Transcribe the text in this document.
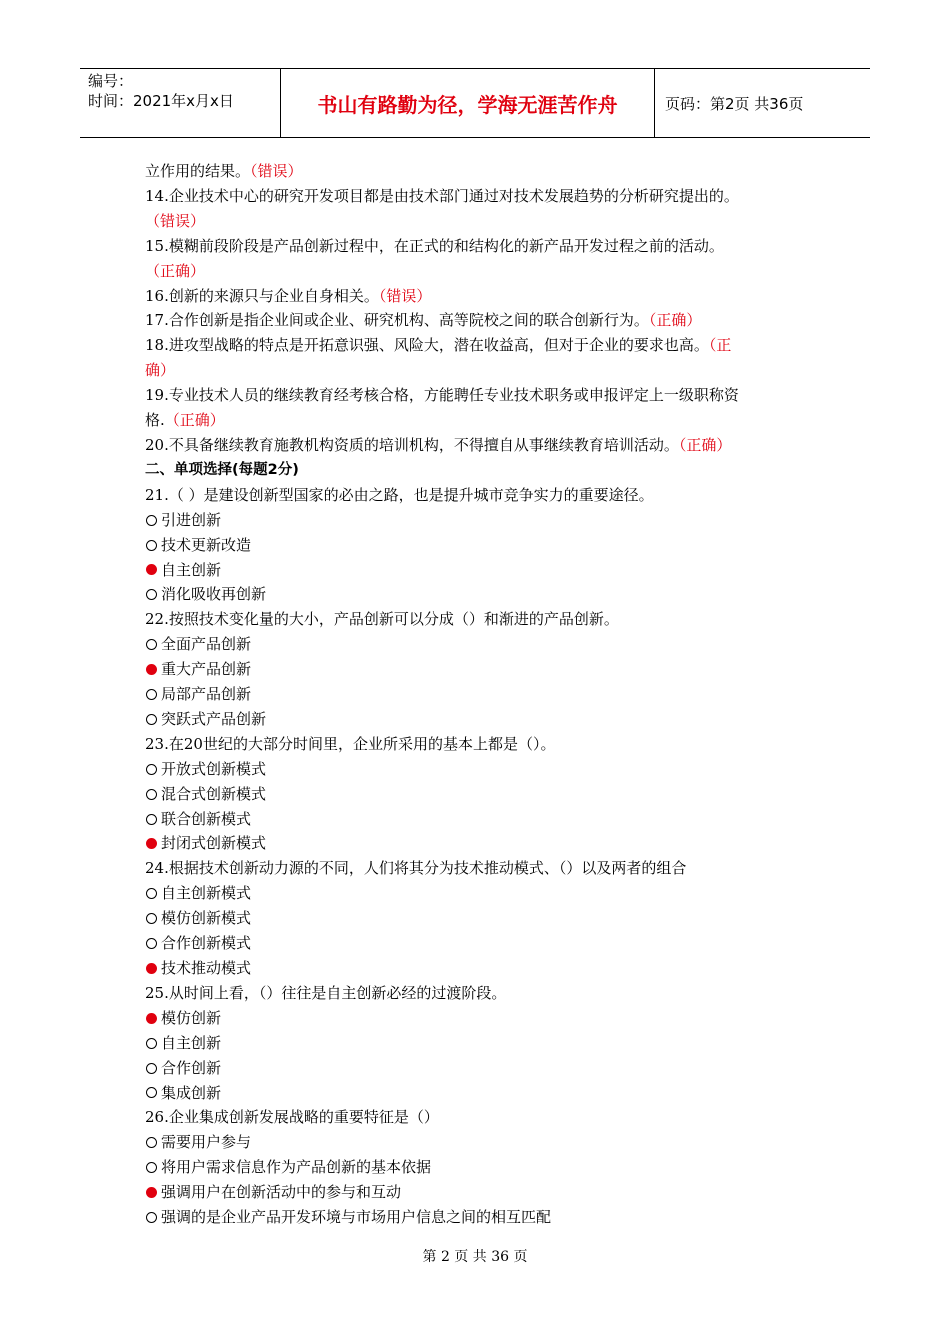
编号：
时间：2021年x月x日	书山有路勤为径，学海无涯苦作舟	页码：第2页 共36页
立作用的结果。（错误）
14.企业技术中心的研究开发项目都是由技术部门通过对技术发展趋势的分析研究提出的。
（错误）
15.模糊前段阶段是产品创新过程中，在正式的和结构化的新产品开发过程之前的活动。
（正确）
16.创新的来源只与企业自身相关。（错误）
17.合作创新是指企业间或企业、研究机构、高等院校之间的联合创新行为。（正确）
18.进攻型战略的特点是开拓意识强、风险大，潜在收益高，但对于企业的要求也高。（正
确）
19.专业技术人员的继续教育经考核合格，方能聘任专业技术职务或申报评定上一级职称资
格.（正确）
20.不具备继续教育施教机构资质的培训机构，不得擅自从事继续教育培训活动。（正确）
二、单项选择(每题2分)
21.（ ）是建设创新型国家的必由之路，也是提升城市竞争实力的重要途径。
引进创新
技术更新改造
自主创新
消化吸收再创新
22.按照技术变化量的大小，产品创新可以分成（）和渐进的产品创新。
全面产品创新
重大产品创新
局部产品创新
突跃式产品创新
23.在20世纪的大部分时间里，企业所采用的基本上都是（）。
开放式创新模式
混合式创新模式
联合创新模式
封闭式创新模式
24.根据技术创新动力源的不同，人们将其分为技术推动模式、（）以及两者的组合
自主创新模式
模仿创新模式
合作创新模式
技术推动模式
25.从时间上看，（）往往是自主创新必经的过渡阶段。
模仿创新
自主创新
合作创新
集成创新
26.企业集成创新发展战略的重要特征是（）
需要用户参与
将用户需求信息作为产品创新的基本依据
强调用户在创新活动中的参与和互动
强调的是企业产品开发环境与市场用户信息之间的相互匹配
第 2 页 共 36 页
